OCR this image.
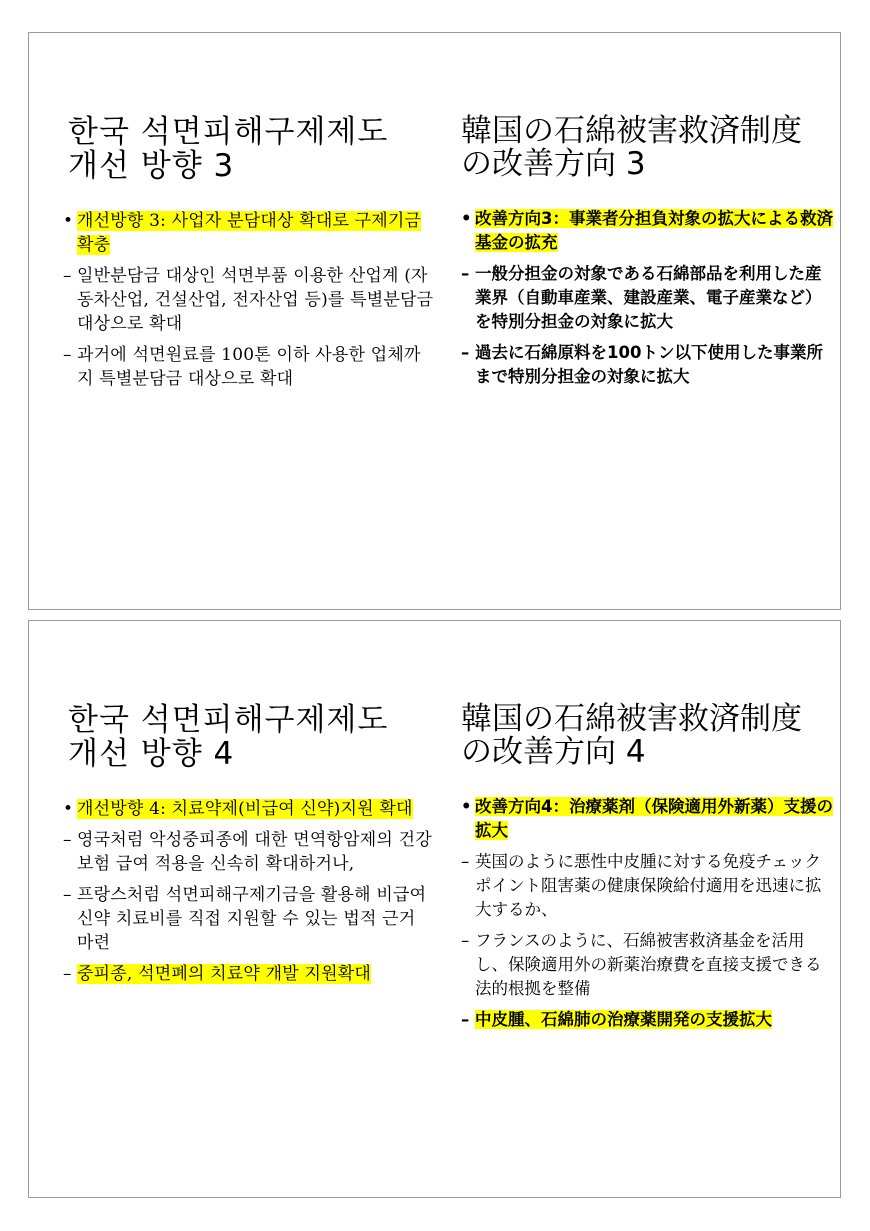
한국 석면피해구제제도
개선 방향 3
• 개선방향 3: 사업자 분담대상 확대로 구제기금 확충
– 일반분담금 대상인 석면부품 이용한 산업계 (자동차산업, 건설산업, 전자산업 등)를 특별분담금 대상으로 확대
– 과거에 석면원료를 100톤 이하 사용한 업체까지 특별분담금 대상으로 확대
韓国の石綿被害救済制度
の改善方向 3
• 改善方向3：事業者分担負対象の拡大による救済基金の拡充
– 一般分担金の対象である石綿部品を利用した産業界（自動車産業、建設産業、電子産業など）を特別分担金の対象に拡大
– 過去に石綿原料を100トン以下使用した事業所まで特別分担金の対象に拡大
한국 석면피해구제제도
개선 방향 4
• 개선방향 4: 치료약제(비급여 신약)지원 확대
– 영국처럼 악성중피종에 대한 면역항암제의 건강보험 급여 적용을 신속히 확대하거나,
– 프랑스처럼 석면피해구제기금을 활용해 비급여 신약 치료비를 직접 지원할 수 있는 법적 근거 마련
– 중피종, 석면폐의 치료약 개발 지원확대
韓国の石綿被害救済制度
の改善方向 4
• 改善方向4：治療薬剤（保険適用外新薬）支援の拡大
– 英国のように悪性中皮腫に対する免疫チェックポイント阻害薬の健康保険給付適用を迅速に拡大するか、
– フランスのように、石綿被害救済基金を活用し、保険適用外の新薬治療費を直接支援できる法的根拠を整備
– 中皮腫、石綿肺の治療薬開発の支援拡大
